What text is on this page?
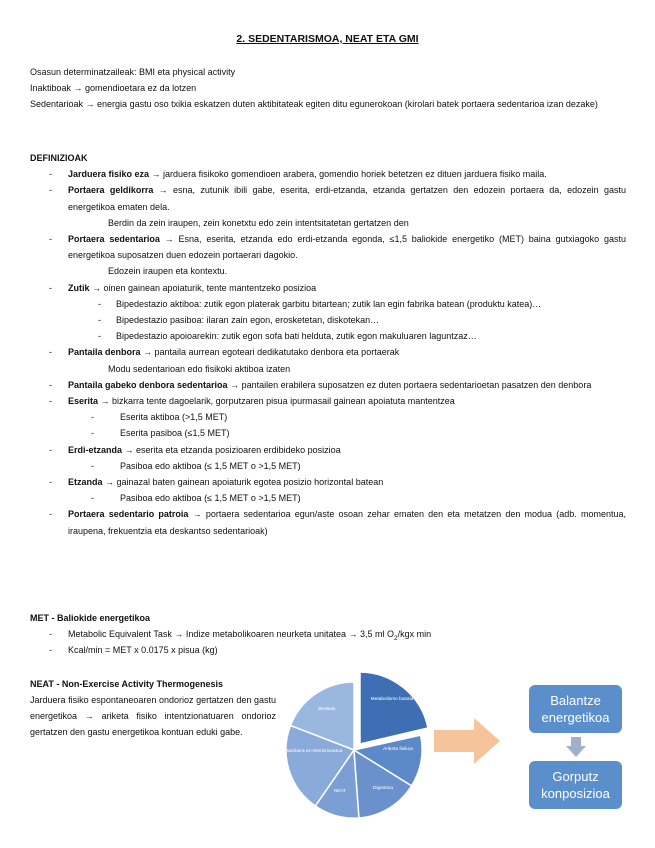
2. SEDENTARISMOA, NEAT ETA GMI
Osasun determinatzaileak: BMI eta physical activity
Inaktiboak → gomendioetara ez da lotzen
Sedentarioak → energia gastu oso txikia eskatzen duten aktibitateak egiten ditu egunerokoan (kirolari batek portaera sedentarioa izan dezake)
DEFINIZIOAK
- Jarduera fisiko eza → jarduera fisikoko gomendioen arabera, gomendio horiek betetzen ez dituen jarduera fisiko maila.
- Portaera geldikorra → esna, zutunik ibili gabe, eserita, erdi-etzanda, etzanda gertatzen den edozein portaera da, edozein gastu energetikoa ematen dela.
Berdin da zein iraupen, zein konetxtu edo zein intentsitatetan gertatzen den
- Portaera sedentarioa → Esna, eserita, etzanda edo erdi-etzanda egonda, ≤1,5 baliokide energetiko (MET) baina gutxiagoko gastu energetikoa suposatzen duen edozein portaerari dagokio.
Edozein iraupen eta kontextu.
- Zutik → oinen gainean apoiaturik, tente mantentzeko posizioa
- Bipedestazio aktiboa: zutik egon platerak garbitu bitartean; zutik lan egin fabrika batean (produktu katea)…
- Bipedestazio pasiboa: ilaran zain egon, erosketetan, diskotekan…
- Bipedestazio apoioarekin: zutik egon sofa bati helduta, zutik egon makuluaren laguntzaz…
- Pantaila denbora → pantaila aurrean egoteari dedikatutako denbora eta portaerak
Modu sedentarioan edo fisikoki aktiboa izaten
- Pantaila gabeko denbora sedentarioa → pantailen erabilera suposatzen ez duten portaera sedentarioetan pasatzen den denbora
- Eserita → bizkarra tente dagoelarik, gorputzaren pisua ipurmasail gainean apoiatuta mantentzea
- Eserita aktiboa (>1,5 MET)
- Eserita pasiboa (≤1,5 MET)
- Erdi-etzanda → eserita eta etzanda posizioaren erdibideko posizioa
- Pasiboa edo aktiboa (≤ 1,5 MET o >1,5 MET)
- Etzanda → gainazal baten gainean apoiaturik egotea posizio horizontal batean
- Pasiboa edo aktiboa (≤ 1,5 MET o >1,5 MET)
- Portaera sedentario patroia → portaera sedentarioa egun/aste osoan zehar ematen den eta metatzen den modua (adb. momentua, iraupena, frekuentzia eta deskantso sedentarioak)
MET - Baliokide energetikoa
- Metabolic Equivalent Task → Indize metabolikoaren neurketa unitatea → 3,5 ml $O_2$/kgx min
- Kcal/min = MET x 0.0175 x pisua (kg)
NEAT - Non-Exercise Activity Thermogenesis
Jarduera fisiko espontaneoaren ondorioz gertatzen den gastu energetikoa → ariketa fisiko intentzionatuaren ondorioz gertatzen den gastu energetikoa kontuan eduki gabe.
Metabolismo basala
Ariketa fisikoa
Digestioa
NEAT
Jarduera ez-intentzionatua
Besteak
Balantze energetikoa
Gorputz konposizioa
